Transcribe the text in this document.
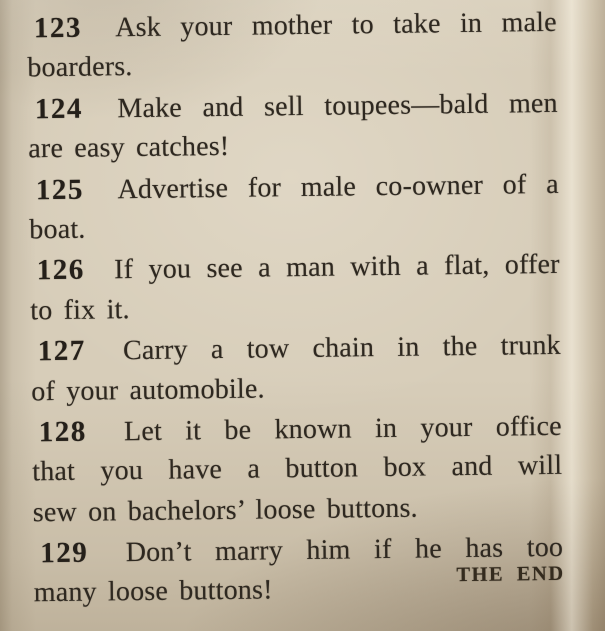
123 Ask your mother to take in male
boarders.
124 Make and sell toupees—bald men
are easy catches!
125 Advertise for male co-owner of a
boat.
126 If you see a man with a flat, offer
to fix it.
127 Carry a tow chain in the trunk
of your automobile.
128 Let it be known in your office
that you have a button box and will
sew on bachelors’ loose buttons.
129 Don’t marry him if he has too
many loose buttons!
THE END
